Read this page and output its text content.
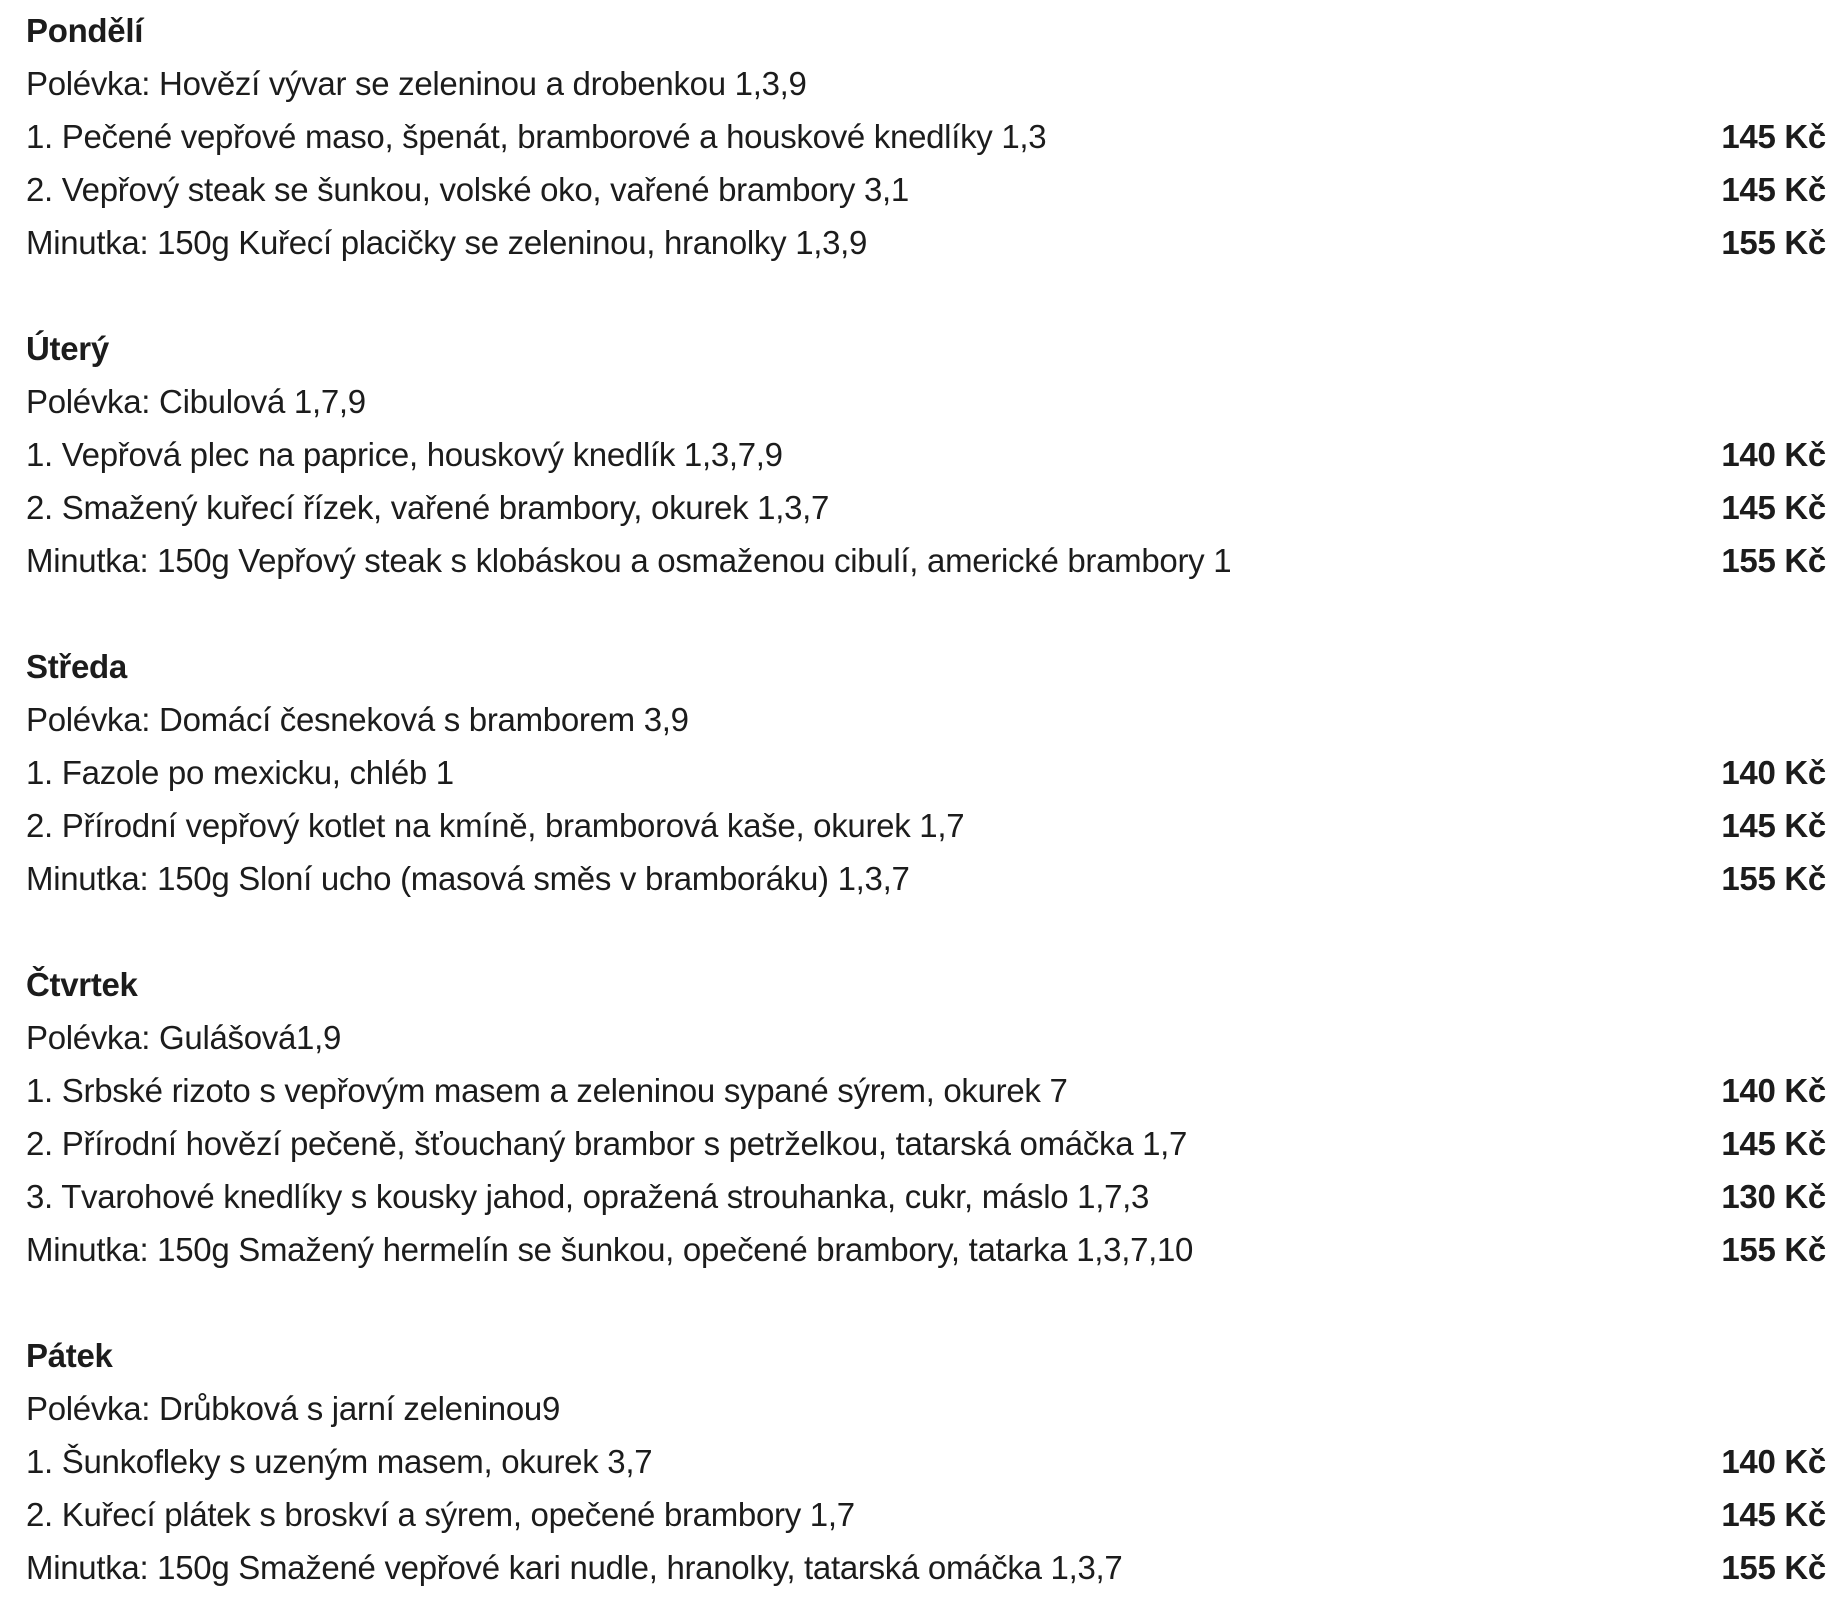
Pondělí
Polévka: Hovězí vývar se zeleninou a drobenkou 1,3,9
1. Pečené vepřové maso, špenát, bramborové a houskové knedlíky 1,3	145 Kč
2. Vepřový steak se šunkou, volské oko, vařené brambory 3,1	145 Kč
Minutka: 150g Kuřecí placičky se zeleninou, hranolky 1,3,9	155 Kč
Úterý
Polévka: Cibulová 1,7,9
1. Vepřová plec na paprice, houskový knedlík 1,3,7,9	140 Kč
2. Smažený kuřecí řízek, vařené brambory, okurek 1,3,7	145 Kč
Minutka: 150g Vepřový steak s klobáskou a osmaženou cibulí, americké brambory 1	155 Kč
Středa
Polévka: Domácí česneková s bramborem 3,9
1. Fazole po mexicku, chléb 1	140 Kč
2. Přírodní vepřový kotlet na kmíně, bramborová kaše, okurek 1,7	145 Kč
Minutka: 150g Sloní ucho (masová směs v bramboráku) 1,3,7	155 Kč
Čtvrtek
Polévka: Gulášová1,9
1. Srbské rizoto s vepřovým masem a zeleninou sypané sýrem, okurek 7	140 Kč
2. Přírodní hovězí pečeně, šťouchaný brambor s petrželkou, tatarská omáčka 1,7	145 Kč
3. Tvarohové knedlíky s kousky jahod, opražená strouhanka, cukr, máslo 1,7,3	130 Kč
Minutka: 150g Smažený hermelín se šunkou, opečené brambory, tatarka 1,3,7,10	155 Kč
Pátek
Polévka: Drůbková s jarní zeleninou9
1. Šunkofleky s uzeným masem, okurek 3,7	140 Kč
2. Kuřecí plátek s broskví a sýrem, opečené brambory 1,7	145 Kč
Minutka: 150g Smažené vepřové kari nudle, hranolky, tatarská omáčka 1,3,7	155 Kč
